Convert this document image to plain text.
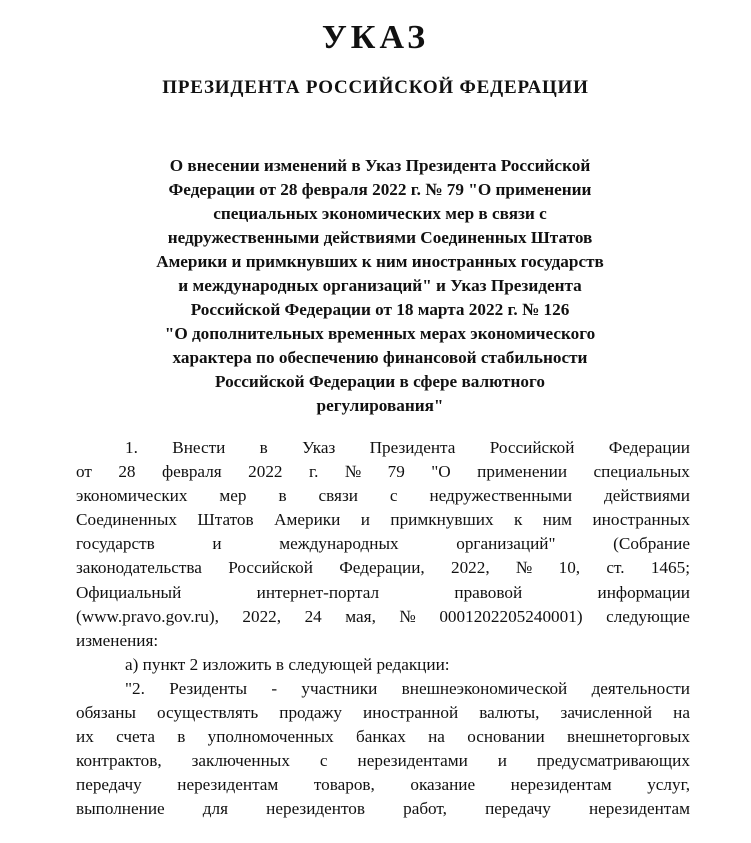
УКАЗ
ПРЕЗИДЕНТА РОССИЙСКОЙ ФЕДЕРАЦИИ
О внесении изменений в Указ Президента Российской
Федерации от 28 февраля 2022 г. № 79 "О применении
специальных экономических мер в связи с
недружественными действиями Соединенных Штатов
Америки и примкнувших к ним иностранных государств
и международных организаций" и Указ Президента
Российской Федерации от 18 марта 2022 г. № 126
"О дополнительных временных мерах экономического
характера по обеспечению финансовой стабильности
Российской Федерации в сфере валютного
регулирования"
1. Внести в Указ Президента Российской Федерации
от 28 февраля 2022 г. № 79 "О применении специальных
экономических мер в связи с недружественными действиями
Соединенных Штатов Америки и примкнувших к ним иностранных
государств	и	международных	организаций"	(Собрание
законодательства Российской Федерации, 2022, № 10, ст. 1465;
Официальный	интернет-портал	правовой	информации
(www.pravo.gov.ru), 2022, 24 мая, № 0001202205240001) следующие
изменения:
а) пункт 2 изложить в следующей редакции:
"2. Резиденты - участники внешнеэкономической деятельности
обязаны осуществлять продажу иностранной валюты, зачисленной на
их счета в уполномоченных банках на основании внешнеторговых
контрактов, заключенных с нерезидентами и предусматривающих
передачу нерезидентам товаров, оказание нерезидентам услуг,
выполнение для нерезидентов работ, передачу нерезидентам
